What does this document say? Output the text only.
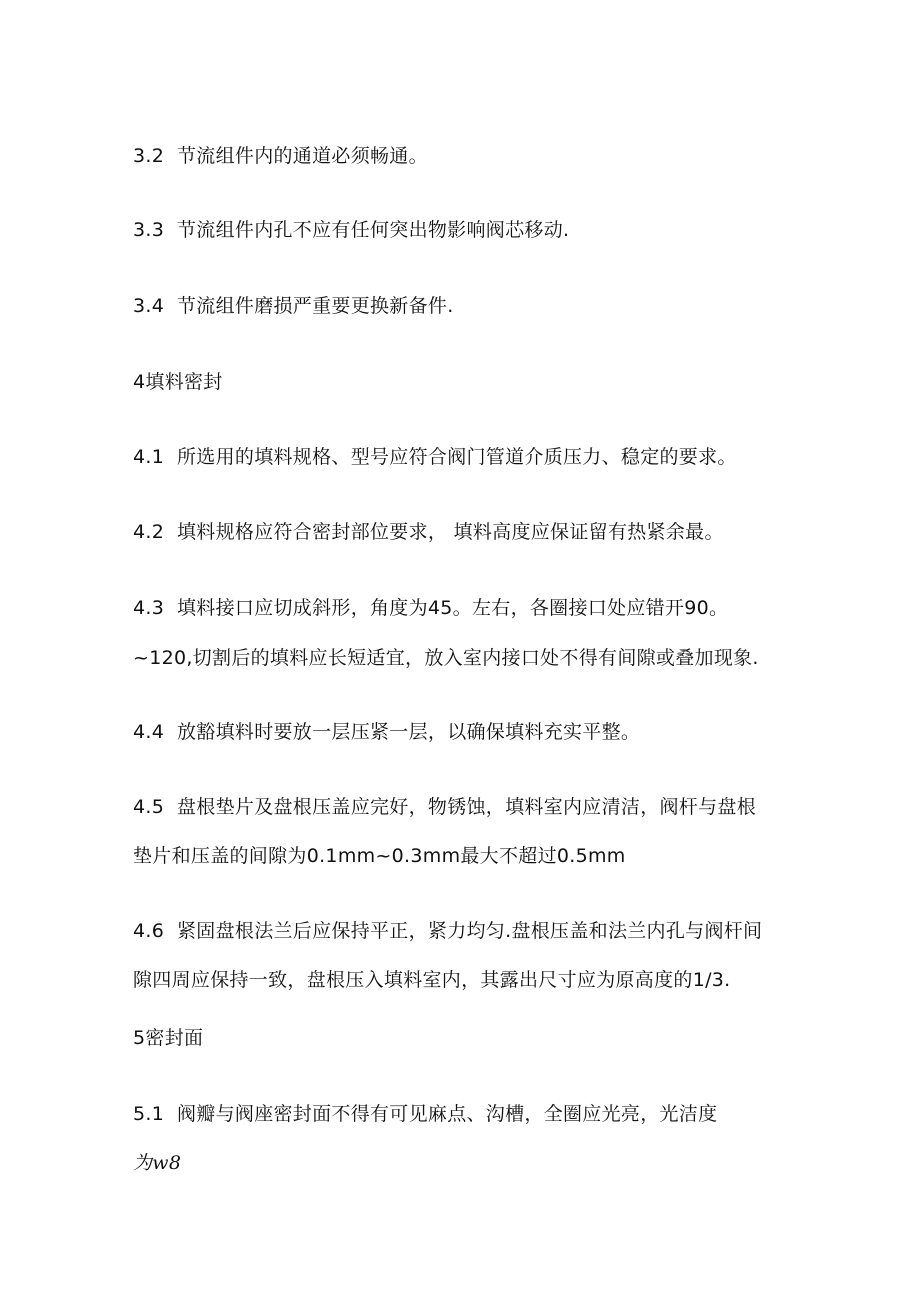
3.2 节流组件内的通道必须畅通。
3.3 节流组件内孔不应有任何突出物影响阀芯移动.
3.4 节流组件磨损严重要更换新备件.
4填料密封
4.1 所选用的填料规格、型号应符合阀门管道介质压力、稳定的要求。
4.2 填料规格应符合密封部位要求， 填料高度应保证留有热紧余最。
4.3 填料接口应切成斜形，角度为45。左右，各圈接口处应错开90。
~120,切割后的填料应长短适宜，放入室内接口处不得有间隙或叠加现象.
4.4 放豁填料时要放一层压紧一层，以确保填料充实平整。
4.5 盘根垫片及盘根压盖应完好，物锈蚀，填料室内应清洁，阀杆与盘根
垫片和压盖的间隙为0.1mm~0.3mm最大不超过0.5mm
4.6 紧固盘根法兰后应保持平正，紧力均匀.盘根压盖和法兰内孔与阀杆间
隙四周应保持一致，盘根压入填料室内，其露出尺寸应为原高度的1/3.
5密封面
5.1 阀瓣与阀座密封面不得有可见麻点、沟槽，全圈应光亮，光洁度
为w8
